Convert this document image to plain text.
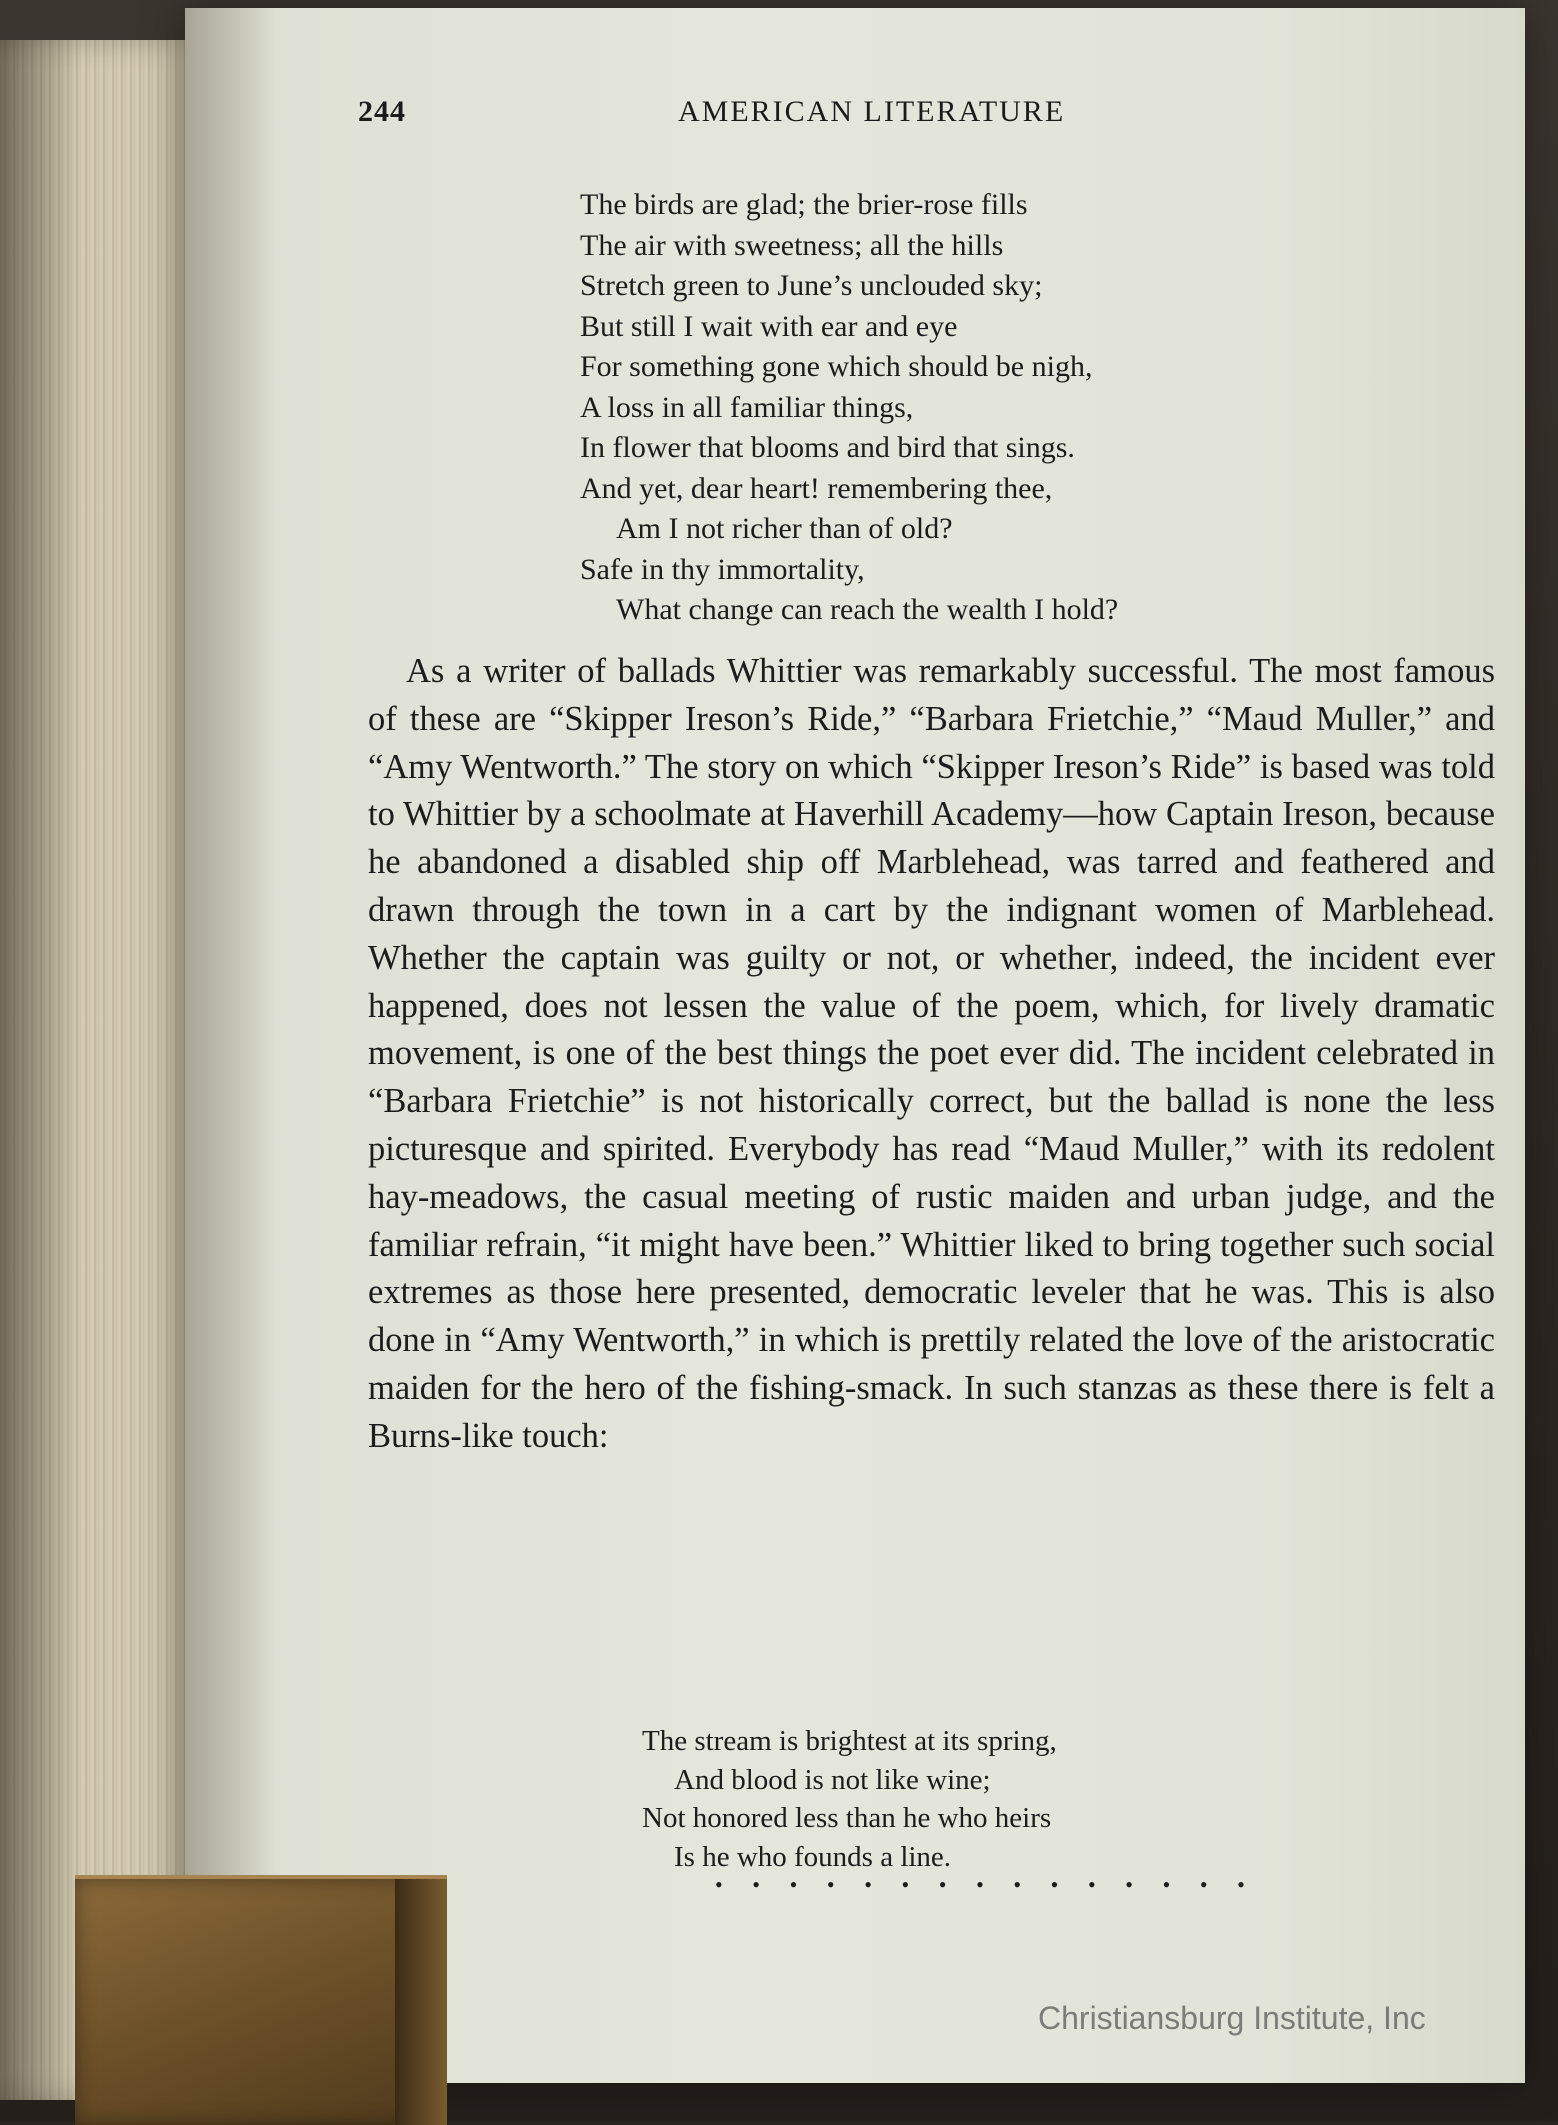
244	AMERICAN LITERATURE
The birds are glad; the brier-rose fills
The air with sweetness; all the hills
Stretch green to June’s unclouded sky;
But still I wait with ear and eye
For something gone which should be nigh,
A loss in all familiar things,
In flower that blooms and bird that sings.
And yet, dear heart! remembering thee,
Am I not richer than of old?
Safe in thy immortality,
What change can reach the wealth I hold?

As a writer of ballads Whittier was remarkably successful. The most famous of these are “Skipper Ireson’s Ride,” “Barbara Frietchie,” “Maud Muller,” and “Amy Wentworth.” The story on which “Skipper Ireson’s Ride” is based was told to Whittier by a schoolmate at Haverhill Academy—how Captain Ireson, because he abandoned a disabled ship off Marblehead, was tarred and feathered and drawn through the town in a cart by the indignant women of Marblehead. Whether the captain was guilty or not, or whether, indeed, the incident ever happened, does not lessen the value of the poem, which, for lively dramatic movement, is one of the best things the poet ever did. The incident celebrated in “Barbara Frietchie” is not historically correct, but the ballad is none the less picturesque and spirited. Everybody has read “Maud Muller,” with its redolent hay-meadows, the casual meeting of rustic maiden and urban judge, and the familiar refrain, “it might have been.” Whittier liked to bring together such social extremes as those here presented, democratic leveler that he was. This is also done in “Amy Wentworth,” in which is prettily related the love of the aristocratic maiden for the hero of the fishing-smack. In such stanzas as these there is felt a Burns-like touch:

The stream is brightest at its spring,
And blood is not like wine;
Not honored less than he who heirs
Is he who founds a line.
• • • • • • • • • • • • • • •
Christiansburg Institute, Inc
